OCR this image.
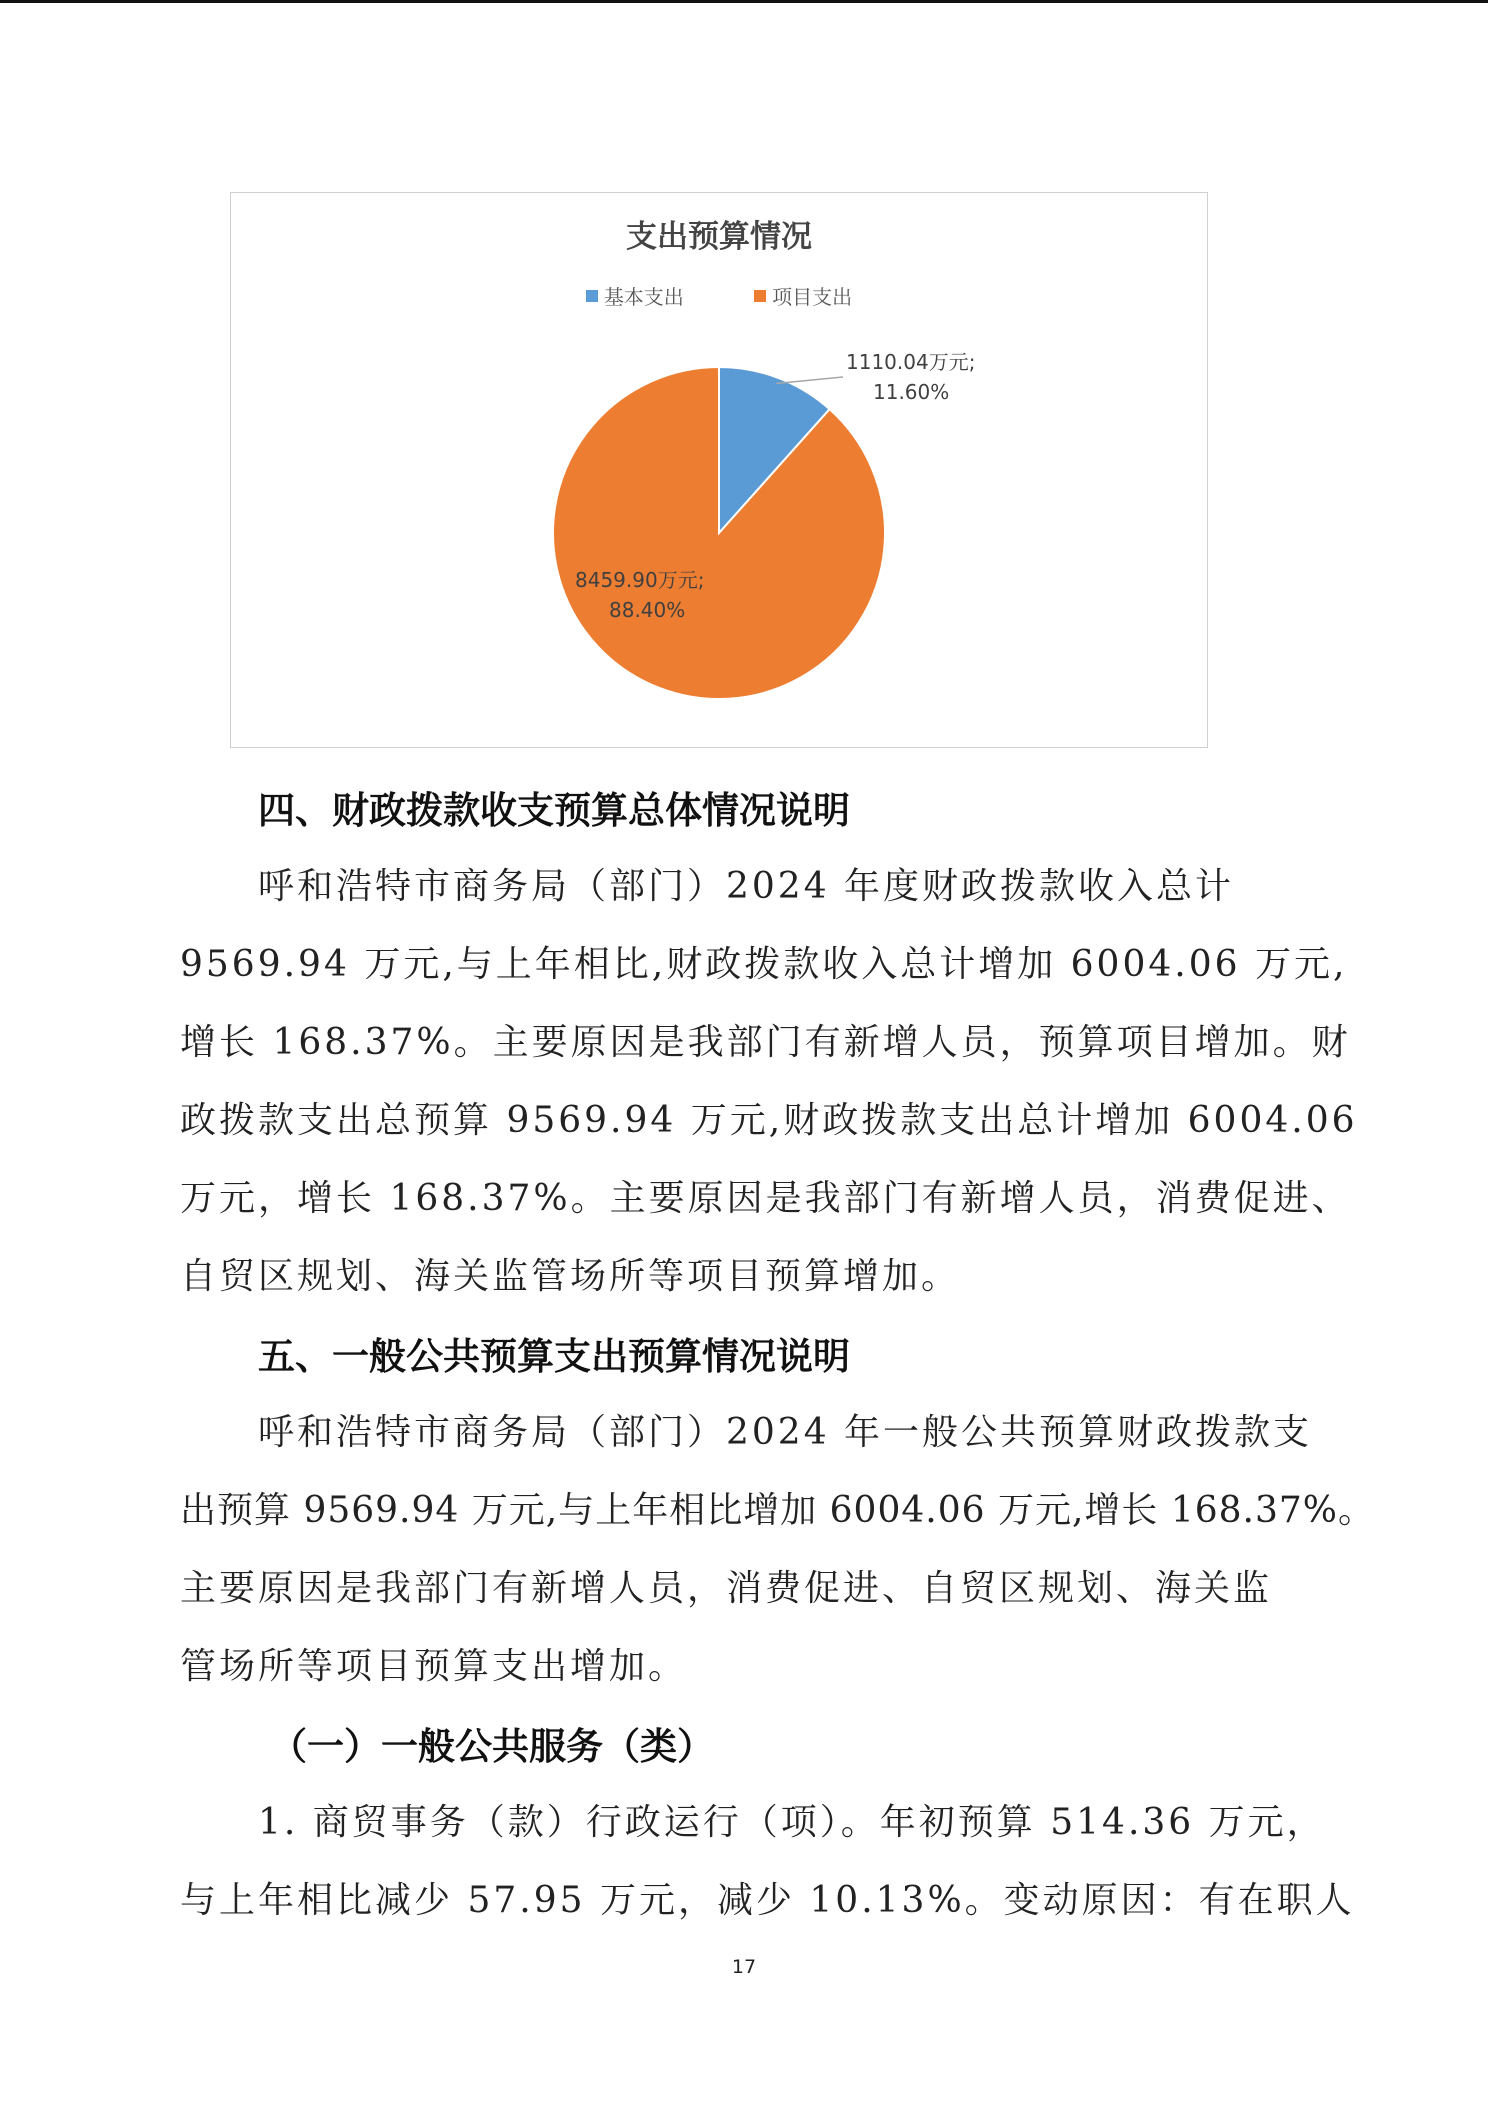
支出预算情况
基本支出
	项目支出
1110.04万元;
11.60%
8459.90万元;
88.40%
四、财政拨款收支预算总体情况说明
呼和浩特市商务局（部门）2024 年度财政拨款收入总计
9569.94 万元,与上年相比,财政拨款收入总计增加 6004.06 万元,
增长 168.37%。主要原因是我部门有新增人员，预算项目增加。财
政拨款支出总预算 9569.94 万元,财政拨款支出总计增加 6004.06
万元，增长 168.37%。主要原因是我部门有新增人员，消费促进、
自贸区规划、海关监管场所等项目预算增加。
五、一般公共预算支出预算情况说明
呼和浩特市商务局（部门）2024 年一般公共预算财政拨款支
出预算 9569.94 万元,与上年相比增加 6004.06 万元,增长 168.37%。
主要原因是我部门有新增人员，消费促进、自贸区规划、海关监
管场所等项目预算支出增加。
（一）一般公共服务（类）
1. 商贸事务（款）行政运行（项）。年初预算 514.36 万元，
与上年相比减少 57.95 万元，减少 10.13%。变动原因：有在职人
17
